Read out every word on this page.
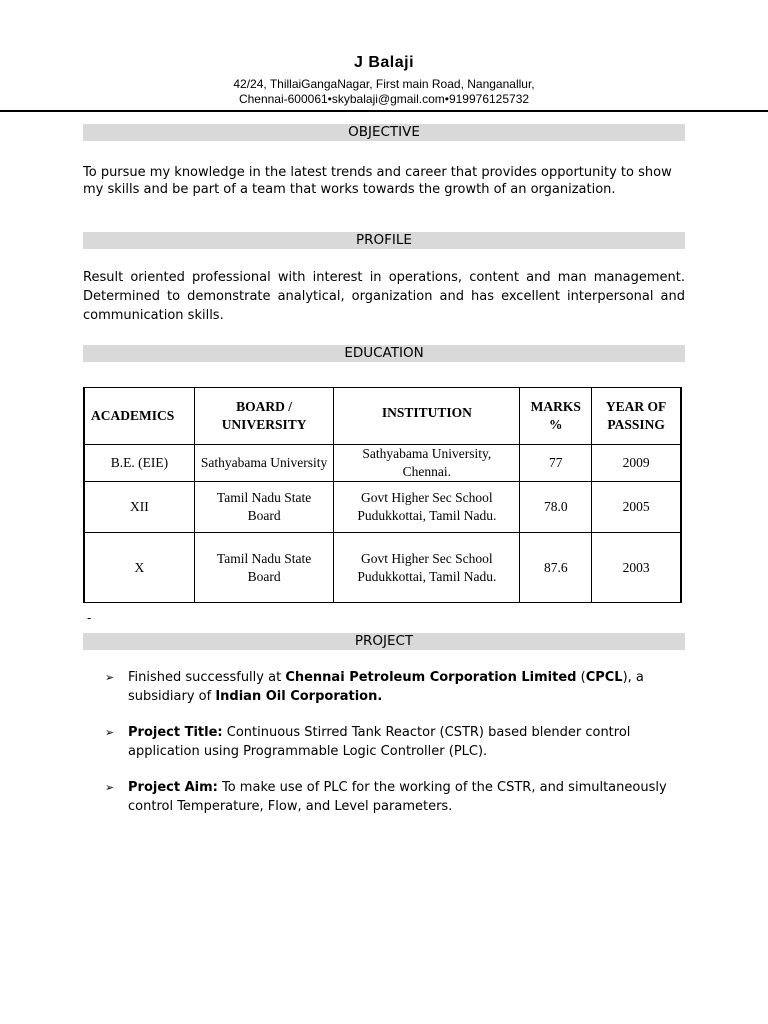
J Balaji
42/24, ThillaiGangaNagar, First main Road, Nanganallur,
Chennai-600061•skybalaji@gmail.com•919976125732
OBJECTIVE
To pursue my knowledge in the latest trends and career that provides opportunity to show my skills and be part of a team that works towards the growth of an organization.
PROFILE
Result oriented professional with interest in operations, content and man management. Determined to demonstrate analytical, organization and has excellent interpersonal and communication skills.
EDUCATION
ACADEMICS	BOARD / UNIVERSITY	INSTITUTION	MARKS %	YEAR OF PASSING
B.E. (EIE)	Sathyabama University	Sathyabama University, Chennai.	77	2009
XII	Tamil Nadu State Board	Govt Higher Sec School Pudukkottai, Tamil Nadu.	78.0	2005
X	Tamil Nadu State Board	Govt Higher Sec School Pudukkottai, Tamil Nadu.	87.6	2003
-
PROJECT
➢ Finished successfully at Chennai Petroleum Corporation Limited (CPCL), a subsidiary of Indian Oil Corporation.
➢ Project Title: Continuous Stirred Tank Reactor (CSTR) based blender control application using Programmable Logic Controller (PLC).
➢ Project Aim: To make use of PLC for the working of the CSTR, and simultaneously control Temperature, Flow, and Level parameters.
